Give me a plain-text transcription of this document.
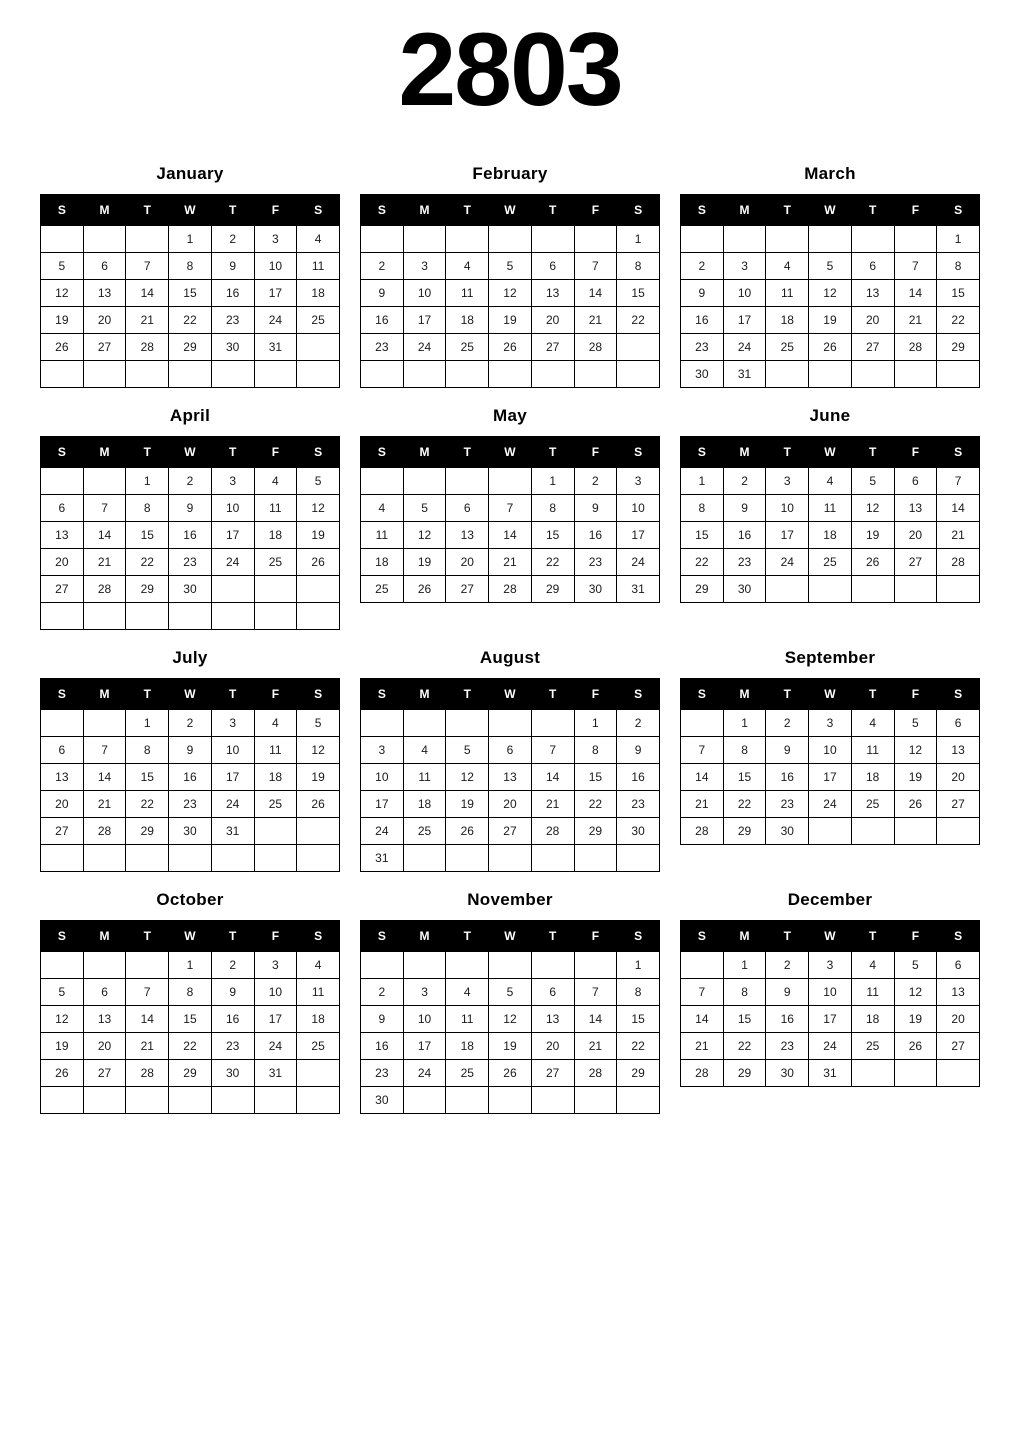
2803
January
S	M	T	W	T	F	S
			1	2	3	4
5	6	7	8	9	10	11
12	13	14	15	16	17	18
19	20	21	22	23	24	25
26	27	28	29	30	31	

February
S	M	T	W	T	F	S
						1
2	3	4	5	6	7	8
9	10	11	12	13	14	15
16	17	18	19	20	21	22
23	24	25	26	27	28	

March
S	M	T	W	T	F	S
						1
2	3	4	5	6	7	8
9	10	11	12	13	14	15
16	17	18	19	20	21	22
23	24	25	26	27	28	29
30	31					
April
S	M	T	W	T	F	S
		1	2	3	4	5
6	7	8	9	10	11	12
13	14	15	16	17	18	19
20	21	22	23	24	25	26
27	28	29	30			

May
S	M	T	W	T	F	S
				1	2	3
4	5	6	7	8	9	10
11	12	13	14	15	16	17
18	19	20	21	22	23	24
25	26	27	28	29	30	31
June
S	M	T	W	T	F	S
1	2	3	4	5	6	7
8	9	10	11	12	13	14
15	16	17	18	19	20	21
22	23	24	25	26	27	28
29	30					
July
S	M	T	W	T	F	S
		1	2	3	4	5
6	7	8	9	10	11	12
13	14	15	16	17	18	19
20	21	22	23	24	25	26
27	28	29	30	31		

August
S	M	T	W	T	F	S
					1	2
3	4	5	6	7	8	9
10	11	12	13	14	15	16
17	18	19	20	21	22	23
24	25	26	27	28	29	30
31						
September
S	M	T	W	T	F	S
	1	2	3	4	5	6
7	8	9	10	11	12	13
14	15	16	17	18	19	20
21	22	23	24	25	26	27
28	29	30				
October
S	M	T	W	T	F	S
			1	2	3	4
5	6	7	8	9	10	11
12	13	14	15	16	17	18
19	20	21	22	23	24	25
26	27	28	29	30	31	

November
S	M	T	W	T	F	S
						1
2	3	4	5	6	7	8
9	10	11	12	13	14	15
16	17	18	19	20	21	22
23	24	25	26	27	28	29
30						
December
S	M	T	W	T	F	S
	1	2	3	4	5	6
7	8	9	10	11	12	13
14	15	16	17	18	19	20
21	22	23	24	25	26	27
28	29	30	31			
